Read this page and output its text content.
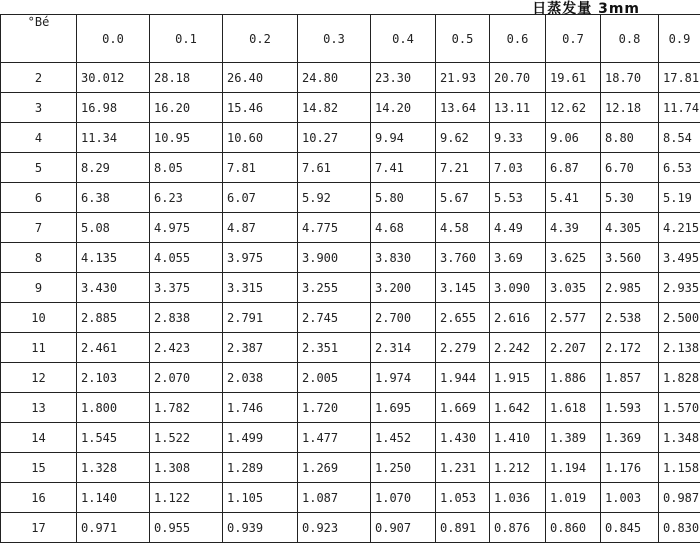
日蒸发量 3mm
°Bé	0.0	0.1	0.2	0.3	0.4	0.5	0.6	0.7	0.8	0.9
2	30.012	28.18	26.40	24.80	23.30	21.93	20.70	19.61	18.70	17.81
3	16.98	16.20	15.46	14.82	14.20	13.64	13.11	12.62	12.18	11.74
4	11.34	10.95	10.60	10.27	9.94	9.62	9.33	9.06	8.80	8.54
5	8.29	8.05	7.81	7.61	7.41	7.21	7.03	6.87	6.70	6.53
6	6.38	6.23	6.07	5.92	5.80	5.67	5.53	5.41	5.30	5.19
7	5.08	4.975	4.87	4.775	4.68	4.58	4.49	4.39	4.305	4.215
8	4.135	4.055	3.975	3.900	3.830	3.760	3.69	3.625	3.560	3.495
9	3.430	3.375	3.315	3.255	3.200	3.145	3.090	3.035	2.985	2.935
10	2.885	2.838	2.791	2.745	2.700	2.655	2.616	2.577	2.538	2.500
11	2.461	2.423	2.387	2.351	2.314	2.279	2.242	2.207	2.172	2.138
12	2.103	2.070	2.038	2.005	1.974	1.944	1.915	1.886	1.857	1.828
13	1.800	1.782	1.746	1.720	1.695	1.669	1.642	1.618	1.593	1.570
14	1.545	1.522	1.499	1.477	1.452	1.430	1.410	1.389	1.369	1.348
15	1.328	1.308	1.289	1.269	1.250	1.231	1.212	1.194	1.176	1.158
16	1.140	1.122	1.105	1.087	1.070	1.053	1.036	1.019	1.003	0.987
17	0.971	0.955	0.939	0.923	0.907	0.891	0.876	0.860	0.845	0.830
